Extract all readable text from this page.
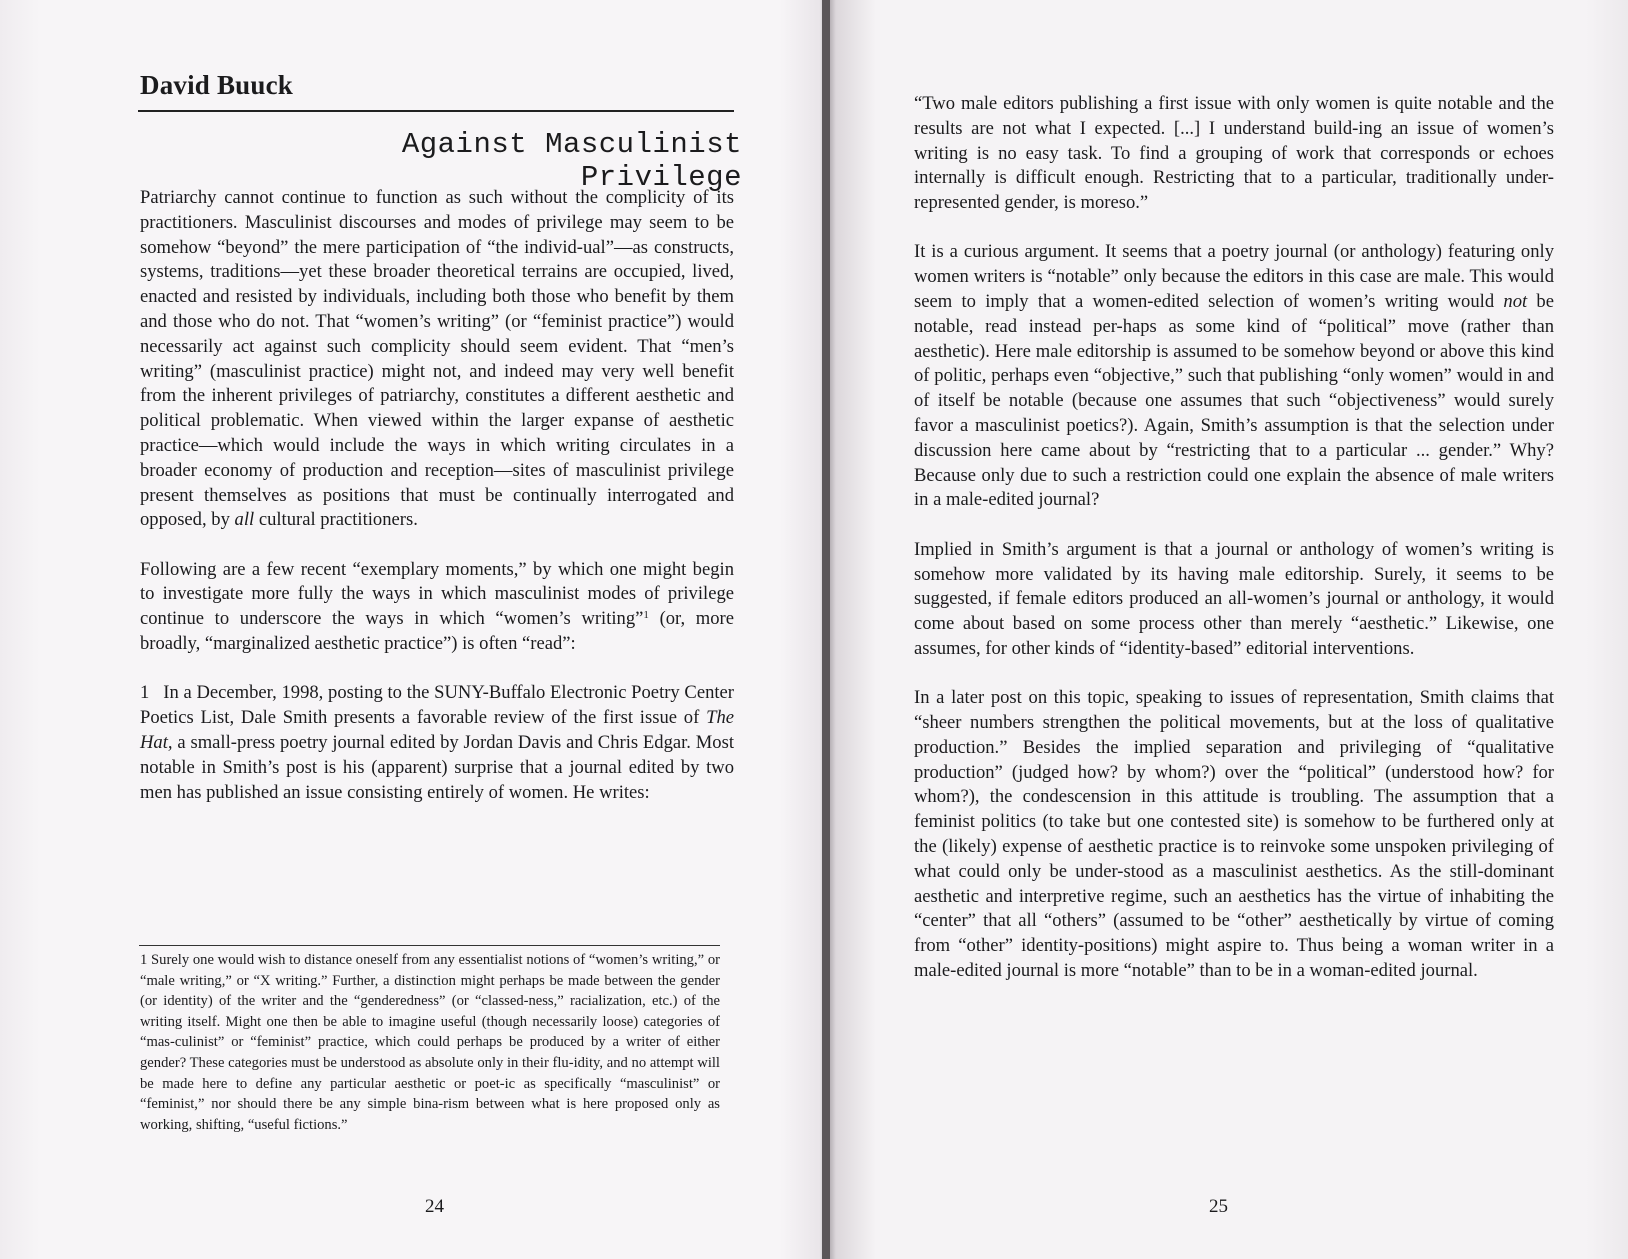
David Buuck
Against Masculinist Privilege

Patriarchy cannot continue to function as such without the complicity of its practitioners. Masculinist discourses and modes of privilege may seem to be somehow “beyond” the mere participation of “the individ-ual”—as constructs, systems, traditions—yet these broader theoretical terrains are occupied, lived, enacted and resisted by individuals, including both those who benefit by them and those who do not. That “women’s writing” (or “feminist practice”) would necessarily act against such complicity should seem evident. That “men’s writing” (masculinist practice) might not, and indeed may very well benefit from the inherent privileges of patriarchy, constitutes a different aesthetic and political problematic. When viewed within the larger expanse of aesthetic practice—which would include the ways in which writing circulates in a broader economy of production and reception—sites of masculinist privilege present themselves as positions that must be continually interrogated and opposed, by all cultural practitioners.

Following are a few recent “exemplary moments,” by which one might begin to investigate more fully the ways in which masculinist modes of privilege continue to underscore the ways in which “women’s writing”$^1$ (or, more broadly, “marginalized aesthetic practice”) is often “read”:

1 In a December, 1998, posting to the SUNY-Buffalo Electronic Poetry Center Poetics List, Dale Smith presents a favorable review of the first issue of The Hat, a small-press poetry journal edited by Jordan Davis and Chris Edgar. Most notable in Smith’s post is his (apparent) surprise that a journal edited by two men has published an issue consisting entirely of women. He writes:

1 Surely one would wish to distance oneself from any essentialist notions of “women’s writing,” or “male writing,” or “X writing.” Further, a distinction might perhaps be made between the gender (or identity) of the writer and the “genderedness” (or “classed-ness,” racialization, etc.) of the writing itself. Might one then be able to imagine useful (though necessarily loose) categories of “mas-culinist” or “feminist” practice, which could perhaps be produced by a writer of either gender? These categories must be understood as absolute only in their flu-idity, and no attempt will be made here to define any particular aesthetic or poet-ic as specifically “masculinist” or “feminist,” nor should there be any simple bina-rism between what is here proposed only as working, shifting, “useful fictions.”

24

“Two male editors publishing a first issue with only women is quite notable and the results are not what I expected. [...] I understand build-ing an issue of women’s writing is no easy task. To find a grouping of work that corresponds or echoes internally is difficult enough. Restricting that to a particular, traditionally under-represented gender, is moreso.”

It is a curious argument. It seems that a poetry journal (or anthology) featuring only women writers is “notable” only because the editors in this case are male. This would seem to imply that a women-edited selection of women’s writing would not be notable, read instead per-haps as some kind of “political” move (rather than aesthetic). Here male editorship is assumed to be somehow beyond or above this kind of politic, perhaps even “objective,” such that publishing “only women” would in and of itself be notable (because one assumes that such “objectiveness” would surely favor a masculinist poetics?). Again, Smith’s assumption is that the selection under discussion here came about by “restricting that to a particular ... gender.” Why? Because only due to such a restriction could one explain the absence of male writers in a male-edited journal?

Implied in Smith’s argument is that a journal or anthology of women’s writing is somehow more validated by its having male editorship. Surely, it seems to be suggested, if female editors produced an all-women’s journal or anthology, it would come about based on some process other than merely “aesthetic.” Likewise, one assumes, for other kinds of “identity-based” editorial interventions.

In a later post on this topic, speaking to issues of representation, Smith claims that “sheer numbers strengthen the political movements, but at the loss of qualitative production.” Besides the implied separation and privileging of “qualitative production” (judged how? by whom?) over the “political” (understood how? for whom?), the condescension in this attitude is troubling. The assumption that a feminist politics (to take but one contested site) is somehow to be furthered only at the (likely) expense of aesthetic practice is to reinvoke some unspoken privileging of what could only be under-stood as a masculinist aesthetics. As the still-dominant aesthetic and interpretive regime, such an aesthetics has the virtue of inhabiting the “center” that all “others” (assumed to be “other” aesthetically by virtue of coming from “other” identity-positions) might aspire to. Thus being a woman writer in a male-edited journal is more “notable” than to be in a woman-edited journal.

25
